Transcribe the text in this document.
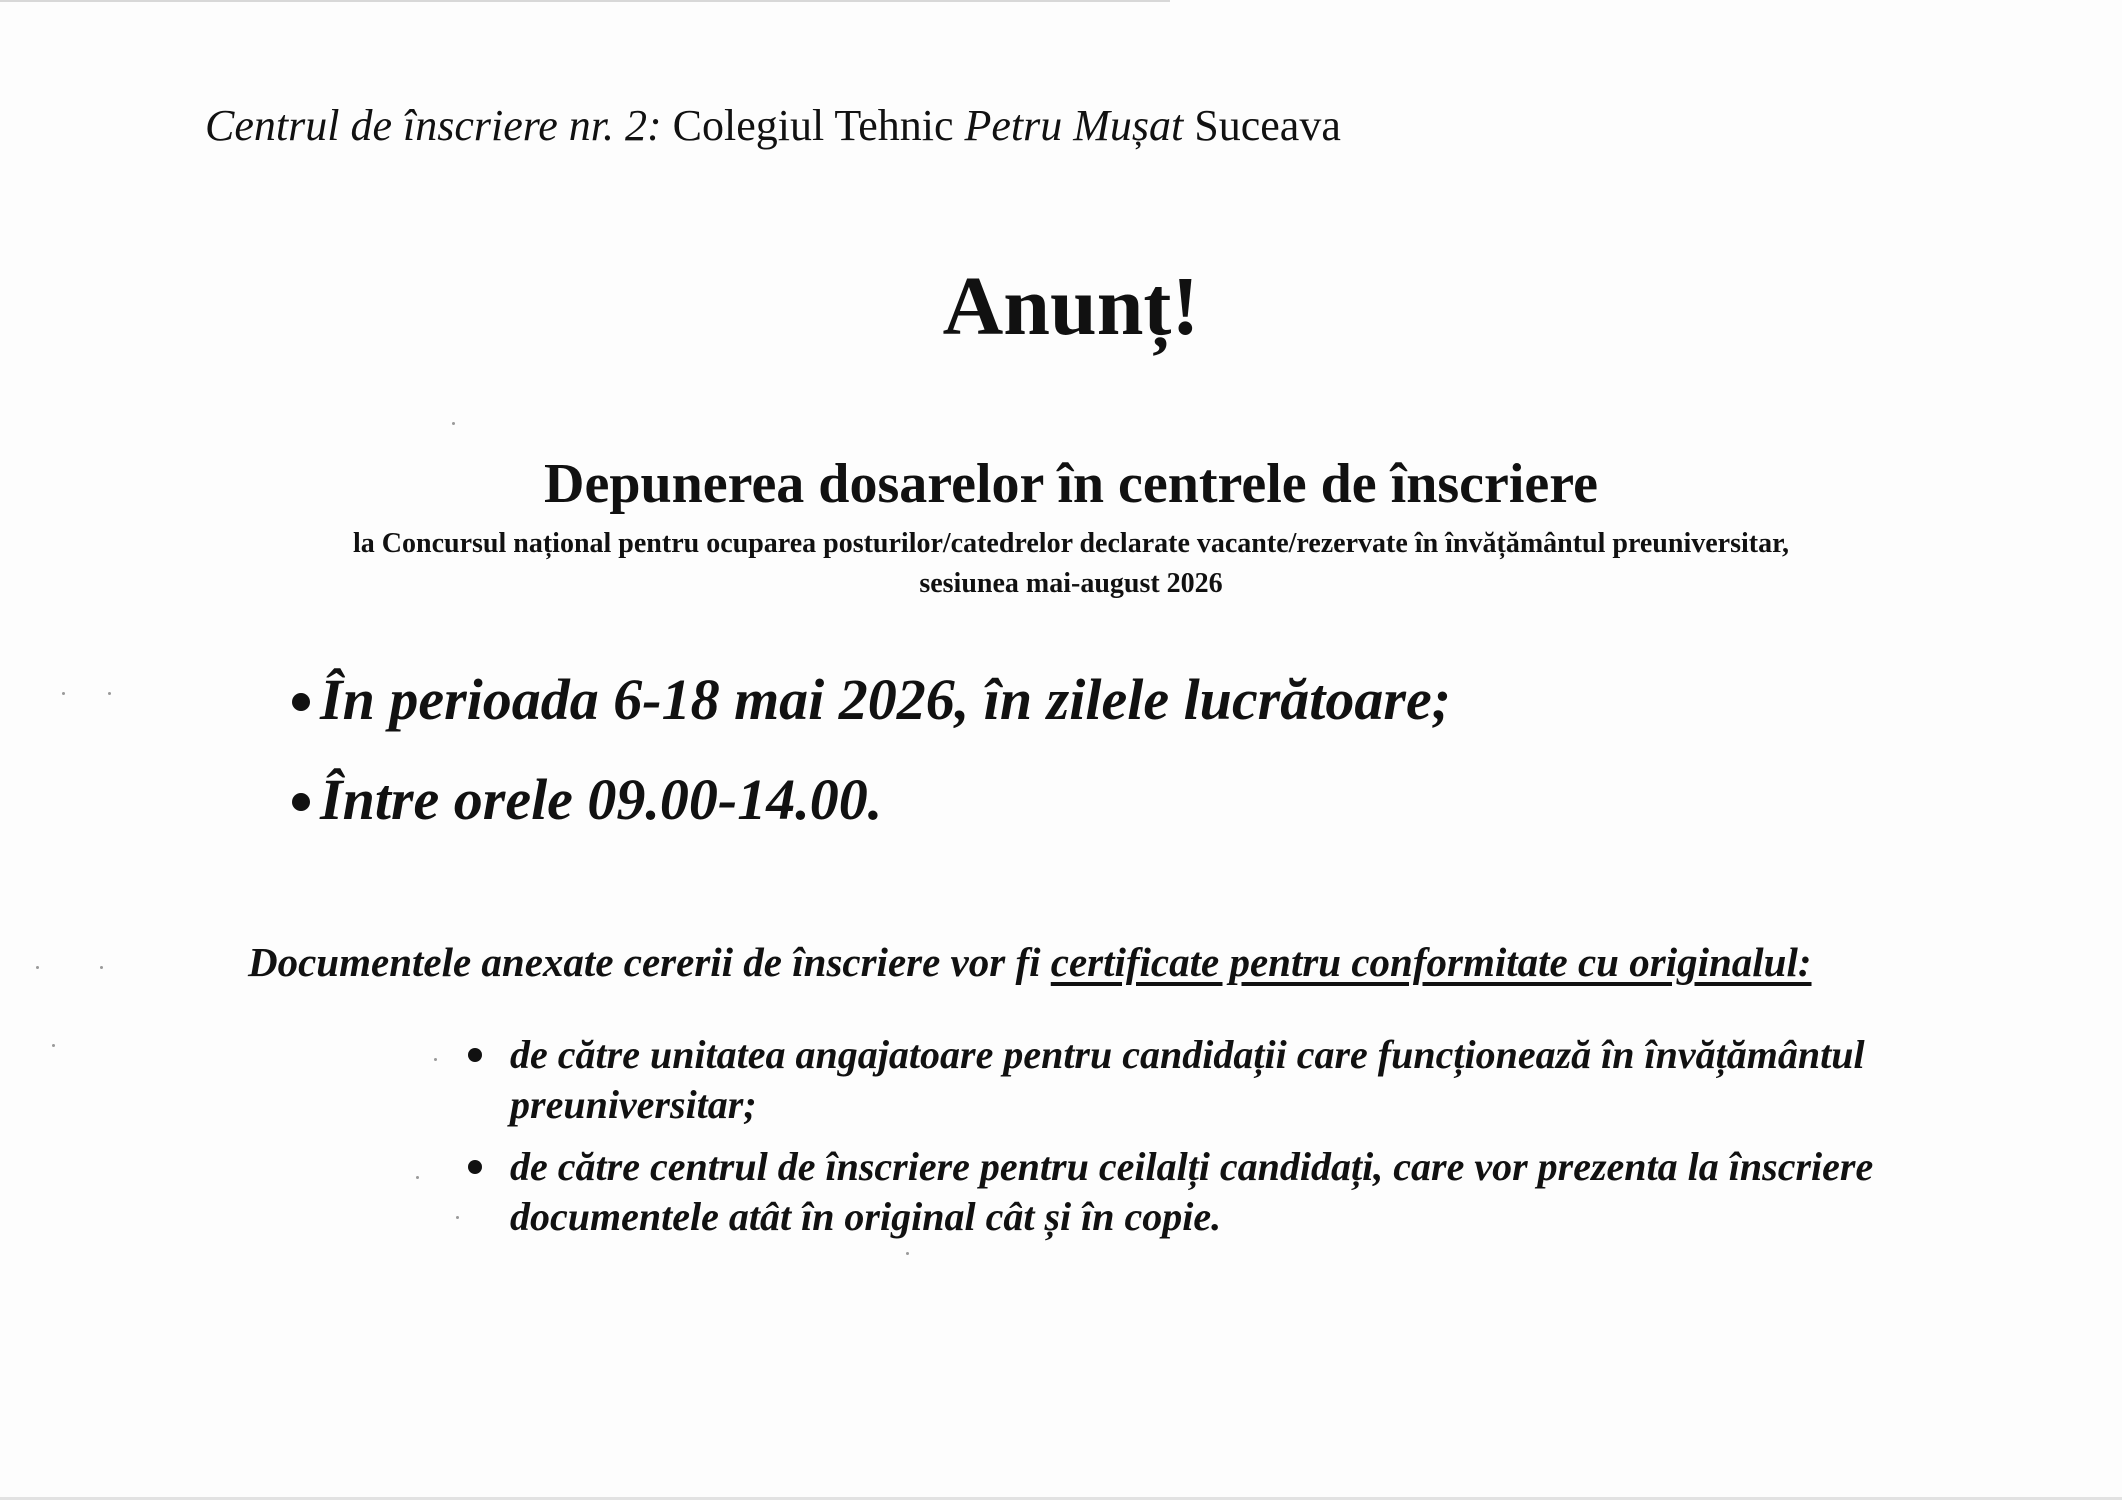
Centrul de înscriere nr. 2: Colegiul Tehnic Petru Mușat Suceava

Anunț!
Depunerea dosarelor în centrele de înscriere

la Concursul național pentru ocuparea posturilor/catedrelor declarate vacante/rezervate în învățământul preuniversitar,

sesiunea mai-august 2026

În perioada 6-18 mai 2026, în zilele lucrătoare;
Între orele 09.00-14.00.

Documentele anexate cererii de înscriere vor fi certificate pentru conformitate cu originalul:

de către unitatea angajatoare pentru candidații care funcționează în învățământul preuniversitar;
de către centrul de înscriere pentru ceilalți candidați, care vor prezenta la înscriere documentele atât în original cât și în copie.
